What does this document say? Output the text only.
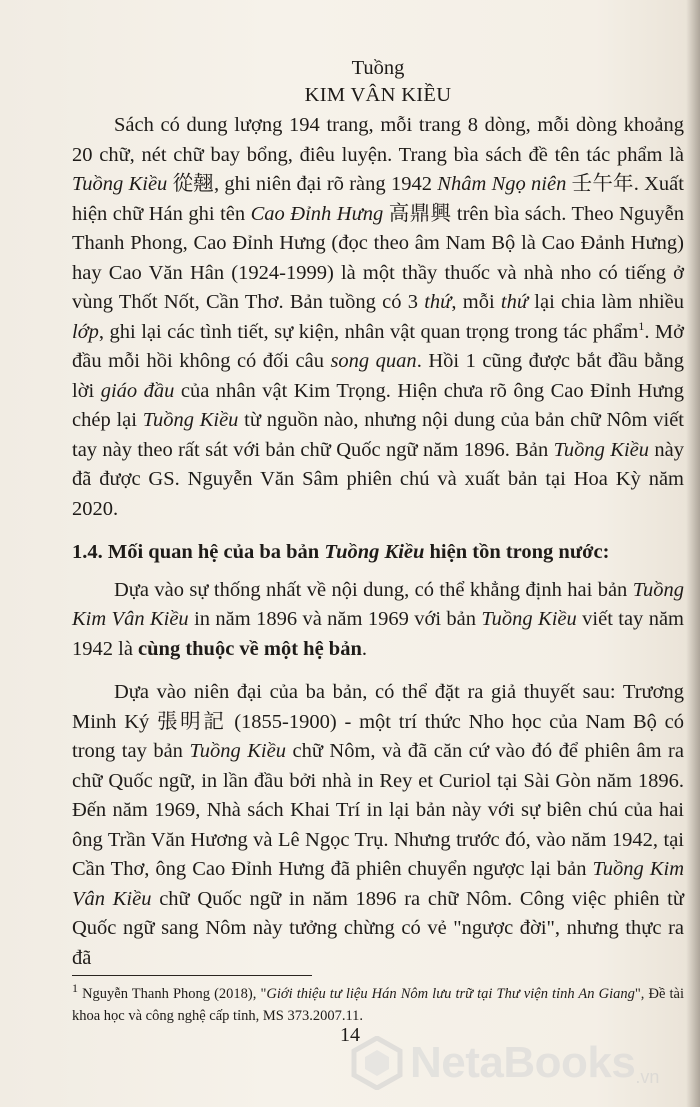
Tuồng
KIM VÂN KIỀU

Sách có dung lượng 194 trang, mỗi trang 8 dòng, mỗi dòng khoảng 20 chữ, nét chữ bay bổng, điêu luyện. Trang bìa sách đề tên tác phẩm là Tuồng Kiều 從翹, ghi niên đại rõ ràng 1942 Nhâm Ngọ niên 壬午年. Xuất hiện chữ Hán ghi tên Cao Đỉnh Hưng 高鼎興 trên bìa sách. Theo Nguyễn Thanh Phong, Cao Đỉnh Hưng (đọc theo âm Nam Bộ là Cao Đảnh Hưng) hay Cao Văn Hân (1924-1999) là một thầy thuốc và nhà nho có tiếng ở vùng Thốt Nốt, Cần Thơ. Bản tuồng có 3 thứ, mỗi thứ lại chia làm nhiều lớp, ghi lại các tình tiết, sự kiện, nhân vật quan trọng trong tác phẩm$^1$. Mở đầu mỗi hồi không có đối câu song quan. Hồi 1 cũng được bắt đầu bằng lời giáo đầu của nhân vật Kim Trọng. Hiện chưa rõ ông Cao Đỉnh Hưng chép lại Tuồng Kiều từ nguồn nào, nhưng nội dung của bản chữ Nôm viết tay này theo rất sát với bản chữ Quốc ngữ năm 1896. Bản Tuồng Kiều này đã được GS. Nguyễn Văn Sâm phiên chú và xuất bản tại Hoa Kỳ năm 2020.

1.4. Mối quan hệ của ba bản Tuồng Kiều hiện tồn trong nước:

Dựa vào sự thống nhất về nội dung, có thể khẳng định hai bản Tuồng Kim Vân Kiều in năm 1896 và năm 1969 với bản Tuồng Kiều viết tay năm 1942 là cùng thuộc về một hệ bản.

Dựa vào niên đại của ba bản, có thể đặt ra giả thuyết sau: Trương Minh Ký 張明記 (1855-1900) - một trí thức Nho học của Nam Bộ có trong tay bản Tuồng Kiều chữ Nôm, và đã căn cứ vào đó để phiên âm ra chữ Quốc ngữ, in lần đầu bởi nhà in Rey et Curiol tại Sài Gòn năm 1896. Đến năm 1969, Nhà sách Khai Trí in lại bản này với sự biên chú của hai ông Trần Văn Hương và Lê Ngọc Trụ. Nhưng trước đó, vào năm 1942, tại Cần Thơ, ông Cao Đỉnh Hưng đã phiên chuyển ngược lại bản Tuồng Kim Vân Kiều chữ Quốc ngữ in năm 1896 ra chữ Nôm. Công việc phiên từ Quốc ngữ sang Nôm này tưởng chừng có vẻ "ngược đời", nhưng thực ra đã

$^1$ Nguyễn Thanh Phong (2018), "Giới thiệu tư liệu Hán Nôm lưu trữ tại Thư viện tỉnh An Giang", Đề tài khoa học và công nghệ cấp tỉnh, MS 373.2007.11.
14
NetaBooks .vn
